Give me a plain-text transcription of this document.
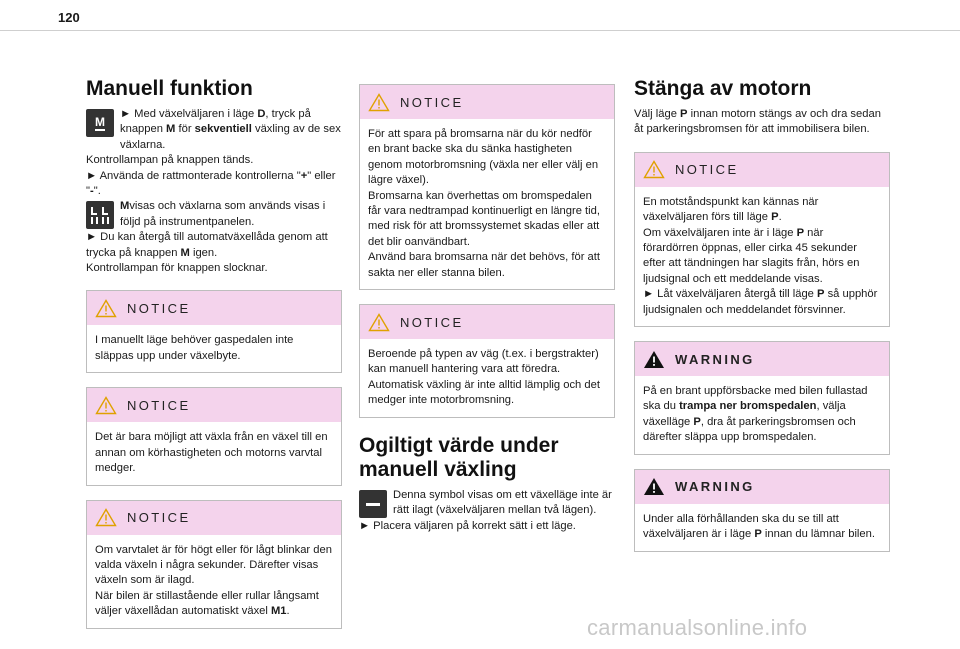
120
Manuell funktion
M

► Med växelväljaren i läge D, tryck på knappen M för sekventiell växling av de sex växlarna.

Kontrollampan på knappen tänds.

► Använda de rattmonterade kontrollerna "+" eller "-".

Mvisas och växlarna som används visas i följd på instrumentpanelen.

► Du kan återgå till automatväxellåda genom att trycka på knappen M igen.

Kontrollampan för knappen slocknar.

NOTICE
I manuellt läge behöver gaspedalen inte släppas upp under växelbyte.
NOTICE
Det är bara möjligt att växla från en växel till en annan om körhastigheten och motorns varvtal medger.
NOTICE
Om varvtalet är för högt eller för lågt blinkar den valda växeln i några sekunder. Därefter visas växeln som är ilagd.
När bilen är stillastående eller rullar långsamt väljer växellådan automatiskt växel M1.
NOTICE
För att spara på bromsarna när du kör nedför en brant backe ska du sänka hastigheten genom motorbromsning (växla ner eller välj en lägre växel).
Bromsarna kan överhettas om bromspedalen får vara nedtrampad kontinuerligt en längre tid, med risk för att bromssystemet skadas eller att det blir oanvändbart.
Använd bara bromsarna när det behövs, för att sakta ner eller stanna bilen.
NOTICE
Beroende på typen av väg (t.ex. i bergstrakter) kan manuell hantering vara att föredra.
Automatisk växling är inte alltid lämplig och det medger inte motorbromsning.
Ogiltigt värde under manuell växling

Denna symbol visas om ett växelläge inte är rätt ilagt (växelväljaren mellan två lägen).

► Placera väljaren på korrekt sätt i ett läge.

Stänga av motorn

Välj läge P innan motorn stängs av och dra sedan åt parkeringsbromsen för att immobilisera bilen.

NOTICE
En motståndspunkt kan kännas när växelväljaren förs till läge P.
Om växelväljaren inte är i läge P när förardörren öppnas, eller cirka 45 sekunder efter att tändningen har slagits från, hörs en ljudsignal och ett meddelande visas.
► Låt växelväljaren återgå till läge P så upphör ljudsignalen och meddelandet försvinner.
WARNING
På en brant uppförsbacke med bilen fullastad ska du trampa ner bromspedalen, välja växelläge P, dra åt parkeringsbromsen och därefter släppa upp bromspedalen.
WARNING
Under alla förhållanden ska du se till att växelväljaren är i läge P innan du lämnar bilen.
carmanualsonline.info
